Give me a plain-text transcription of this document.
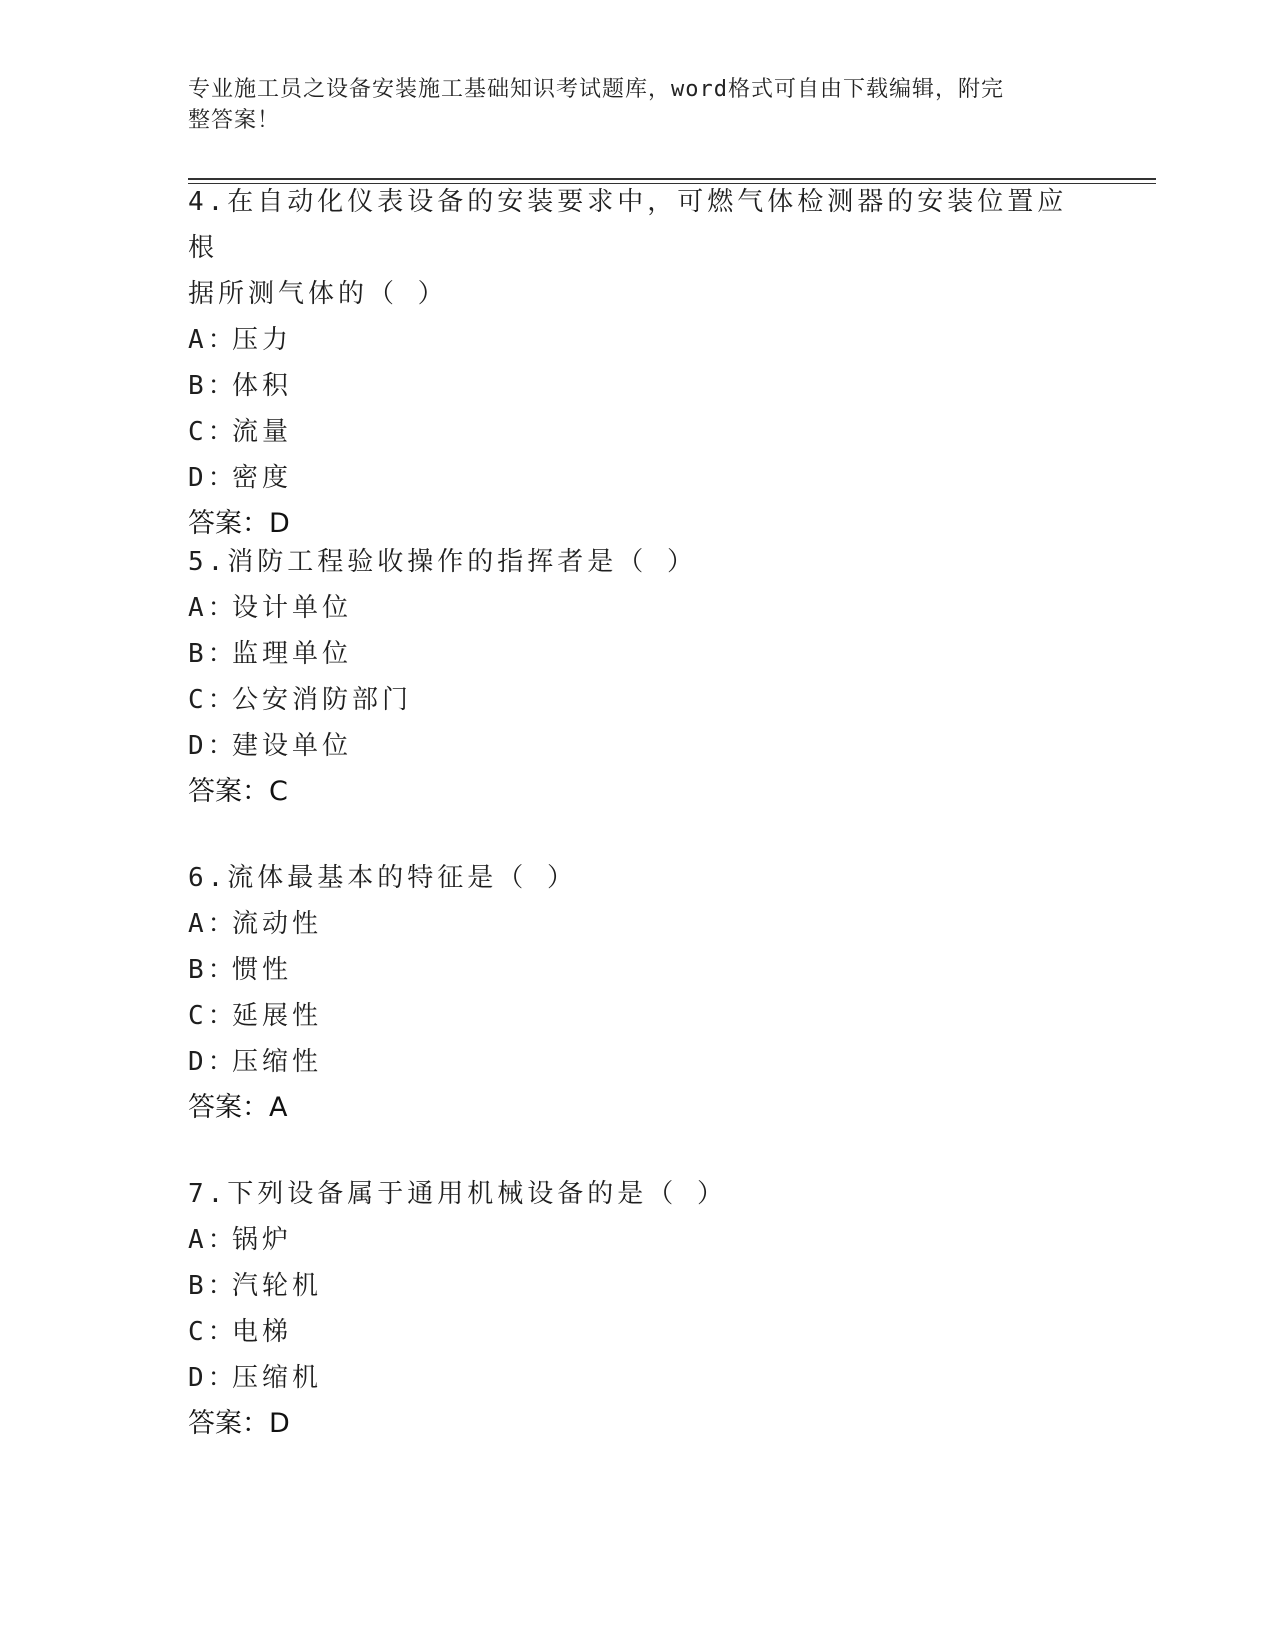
专业施工员之设备安装施工基础知识考试题库，word格式可自由下载编辑，附完
整答案！
4.在自动化仪表设备的安装要求中，可燃气体检测器的安装位置应根
据所测气体的（ ）
A：压力
B：体积
C：流量
D：密度
答案：D
5.消防工程验收操作的指挥者是（ ）
A：设计单位
B：监理单位
C：公安消防部门
D：建设单位
答案：C
6.流体最基本的特征是（ ）
A：流动性
B：惯性
C：延展性
D：压缩性
答案：A
7.下列设备属于通用机械设备的是（ ）
A：锅炉
B：汽轮机
C：电梯
D：压缩机
答案：D
